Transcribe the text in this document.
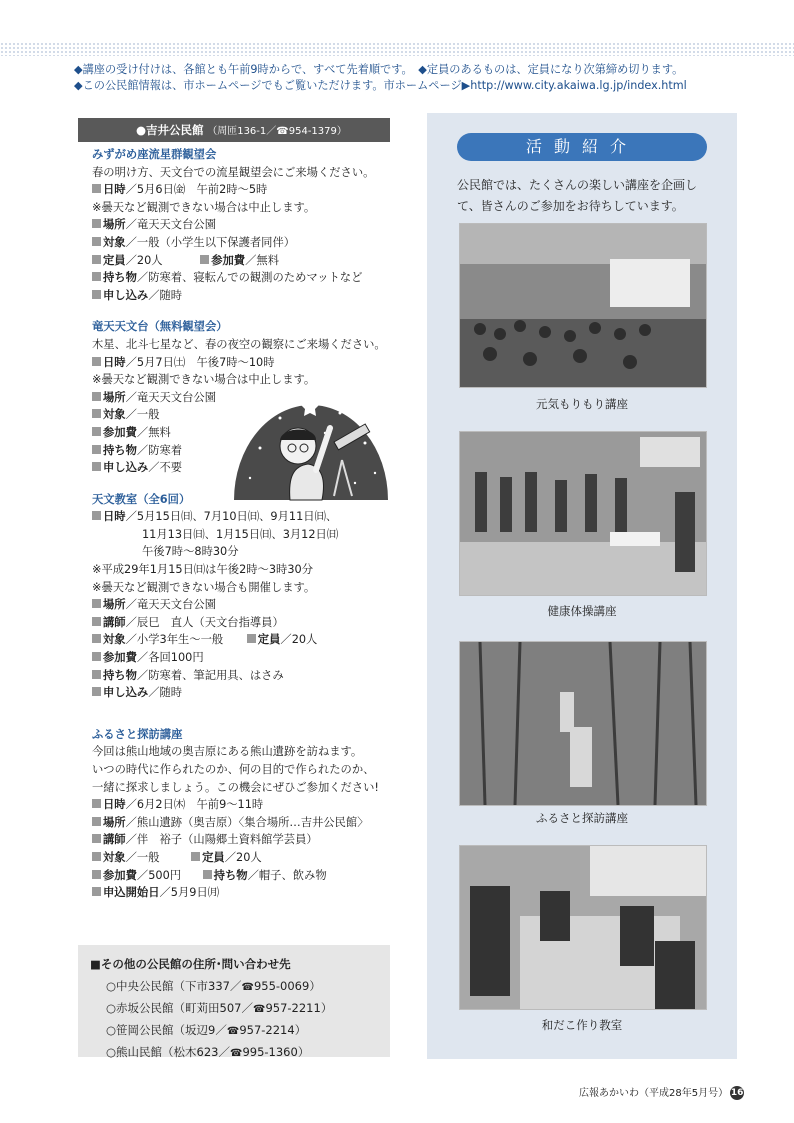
◆講座の受け付けは、各館とも午前9時からで、すべて先着順です。　◆定員のあるものは、定員になり次第締め切ります。
◆この公民館情報は、市ホームページでもご覧いただけます。市ホームページ▶http://www.city.akaiwa.lg.jp/index.html
●吉井公民館 （周匝136-1／☎954-1379）
みずがめ座流星群観望会
春の明け方、天文台での流星観望会にご来場ください。
日時／5月6日㈮　午前2時～5時
※曇天など観測できない場合は中止します。
場所／竜天天文台公園
対象／一般（小学生以下保護者同伴）
定員／20人	参加費／無料
持ち物／防寒着、寝転んでの観測のためマットなど
申し込み／随時
竜天天文台（無料観望会）
木星、北斗七星など、春の夜空の観察にご来場ください。
日時／5月7日㈯　午後7時～10時
※曇天など観測できない場合は中止します。
場所／竜天天文台公園
対象／一般
参加費／無料
持ち物／防寒着
申し込み／不要
天文教室（全6回）
日時／5月15日㈰、7月10日㈰、9月11日㈰、
11月13日㈰、1月15日㈰、3月12日㈰
午後7時～8時30分
※平成29年1月15日㈰は午後2時～3時30分
※曇天など観測できない場合も開催します。
場所／竜天天文台公園
講師／辰巳　直人（天文台指導員）
対象／小学3年生～一般	定員／20人
参加費／各回100円
持ち物／防寒着、筆記用具、はさみ
申し込み／随時
ふるさと探訪講座
今回は熊山地域の奥吉原にある熊山遺跡を訪ねます。
いつの時代に作られたのか、何の目的で作られたのか、
一緒に探求しましょう。この機会にぜひご参加ください!
日時／6月2日㈭　午前9～11時
場所／熊山遺跡（奥吉原）〈集合場所…吉井公民館〉
講師／伴　裕子（山陽郷土資料館学芸員）
対象／一般	定員／20人
参加費／500円	持ち物／帽子、飲み物
申込開始日／5月9日㈪
■その他の公民館の住所･問い合わせ先
○中央公民館（下市337／☎955-0069）
○赤坂公民館（町苅田507／☎957-2211）
○笹岡公民館（坂辺9／☎957-2214）
○熊山民館（松木623／☎995-1360）
活動紹介
公民館では、たくさんの楽しい講座を企画して、皆さんのご参加をお待ちしています。
元気もりもり講座
健康体操講座
ふるさと探訪講座
和だこ作り教室
広報あかいわ（平成28年5月号） 16
